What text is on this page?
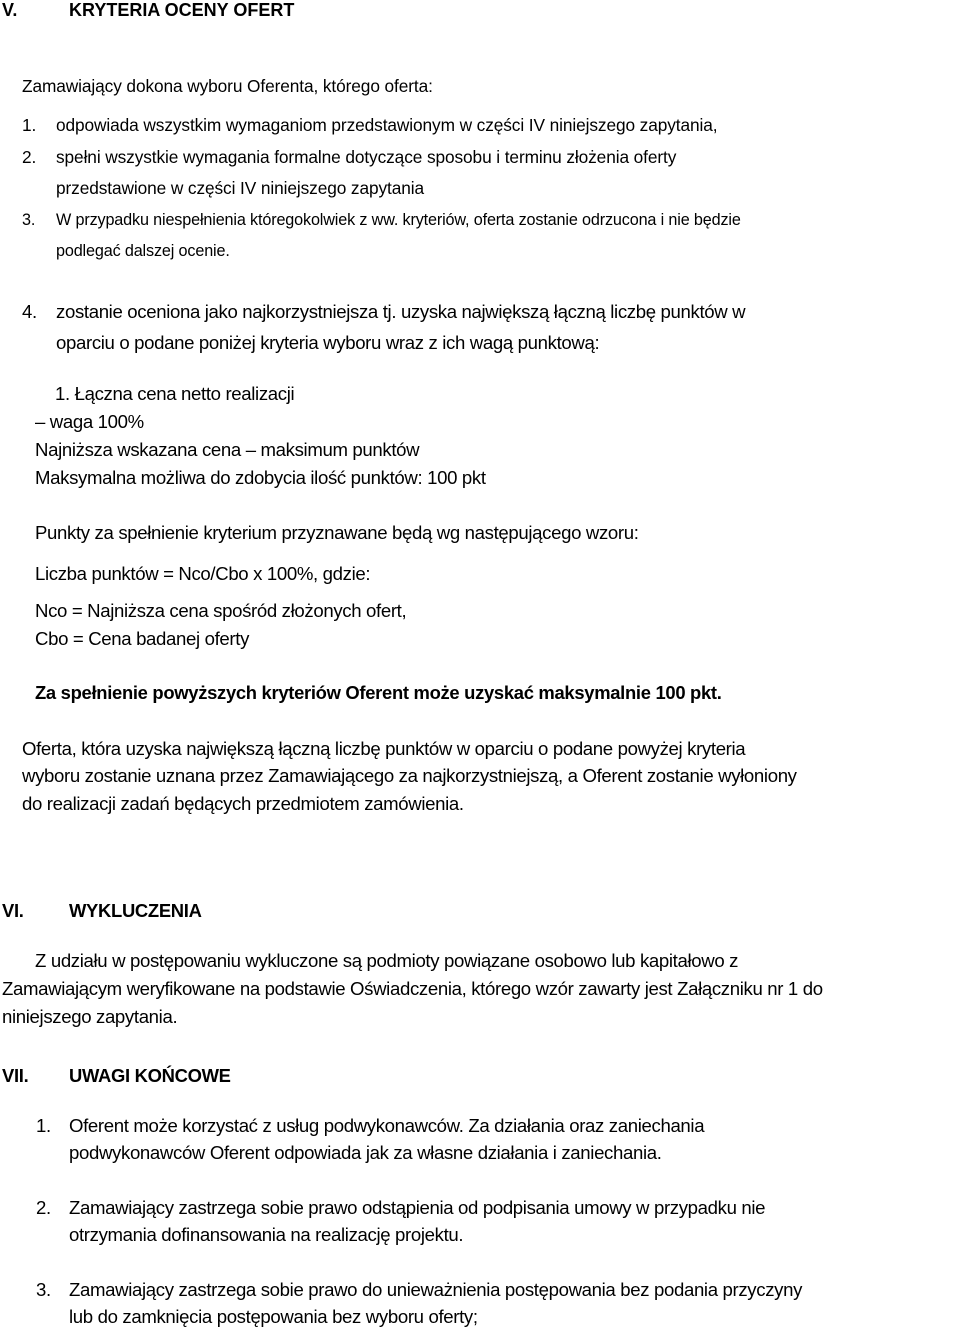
V.	KRYTERIA OCENY OFERT
Zamawiający dokona wyboru Oferenta, którego oferta:
1. odpowiada wszystkim wymaganiom przedstawionym w części IV niniejszego zapytania,
2. spełni wszystkie wymagania formalne dotyczące sposobu i terminu złożenia oferty
przedstawione w części IV niniejszego zapytania
3. W przypadku niespełnienia któregokolwiek z ww. kryteriów, oferta zostanie odrzucona i nie będzie
podlegać dalszej ocenie.
4. zostanie oceniona jako najkorzystniejsza tj. uzyska największą łączną liczbę punktów w
oparciu o podane poniżej kryteria wyboru wraz z ich wagą punktową:
1. Łączna cena netto realizacji
– waga 100%
Najniższa wskazana cena – maksimum punktów
Maksymalna możliwa do zdobycia ilość punktów: 100 pkt
Punkty za spełnienie kryterium przyznawane będą wg następującego wzoru:
Liczba punktów = Nco/Cbo x 100%, gdzie:
Nco = Najniższa cena spośród złożonych ofert,
Cbo = Cena badanej oferty
Za spełnienie powyższych kryteriów Oferent może uzyskać maksymalnie 100 pkt.
Oferta, która uzyska największą łączną liczbę punktów w oparciu o podane powyżej kryteria
wyboru zostanie uznana przez Zamawiającego za najkorzystniejszą, a Oferent zostanie wyłoniony
do realizacji zadań będących przedmiotem zamówienia.
VI. WYKLUCZENIA
Z udziału w postępowaniu wykluczone są podmioty powiązane osobowo lub kapitałowo z
Zamawiającym weryfikowane na podstawie Oświadczenia, którego wzór zawarty jest Załączniku nr 1 do
niniejszego zapytania.
VII. UWAGI KOŃCOWE
1. Oferent może korzystać z usług podwykonawców. Za działania oraz zaniechania
podwykonawców Oferent odpowiada jak za własne działania i zaniechania.
2. Zamawiający zastrzega sobie prawo odstąpienia od podpisania umowy w przypadku nie
otrzymania dofinansowania na realizację projektu.
3. Zamawiający zastrzega sobie prawo do unieważnienia postępowania bez podania przyczyny
lub do zamknięcia postępowania bez wyboru oferty;
